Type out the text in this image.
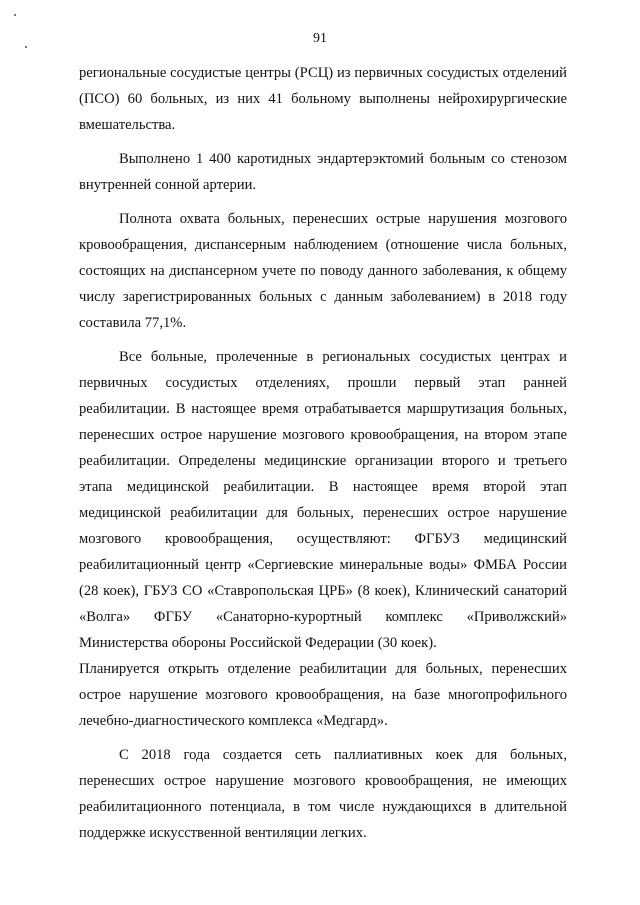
91

региональные сосудистые центры (РСЦ) из первичных сосудистых отделений (ПСО) 60 больных, из них 41 больному выполнены нейрохирургические вмешательства.

Выполнено 1 400 каротидных эндартерэктомий больным со стенозом внутренней сонной артерии.

Полнота охвата больных, перенесших острые нарушения мозгового кровообращения, диспансерным наблюдением (отношение числа больных, состоящих на диспансерном учете по поводу данного заболевания, к общему числу зарегистрированных больных с данным заболеванием) в 2018 году составила 77,1%.

Все больные, пролеченные в региональных сосудистых центрах и первичных сосудистых отделениях, прошли первый этап ранней реабилитации. В настоящее время отрабатывается маршрутизация больных, перенесших острое нарушение мозгового кровообращения, на втором этапе реабилитации. Определены медицинские организации второго и третьего этапа медицинской реабилитации. В настоящее время второй этап медицинской реабилитации для больных, перенесших острое нарушение мозгового кровообращения, осуществляют: ФГБУЗ медицинский реабилитационный центр «Сергиевские минеральные воды» ФМБА России (28 коек), ГБУЗ СО «Ставропольская ЦРБ» (8 коек), Клинический санаторий «Волга» ФГБУ «Санаторно-курортный комплекс «Приволжский» Министерства обороны Российской Федерации (30 коек).

Планируется открыть отделение реабилитации для больных, перенесших острое нарушение мозгового кровообращения, на базе многопрофильного лечебно-диагностического комплекса «Медгард».

С 2018 года создается сеть паллиативных коек для больных, перенесших острое нарушение мозгового кровообращения, не имеющих реабилитационного потенциала, в том числе нуждающихся в длительной поддержке искусственной вентиляции легких.
